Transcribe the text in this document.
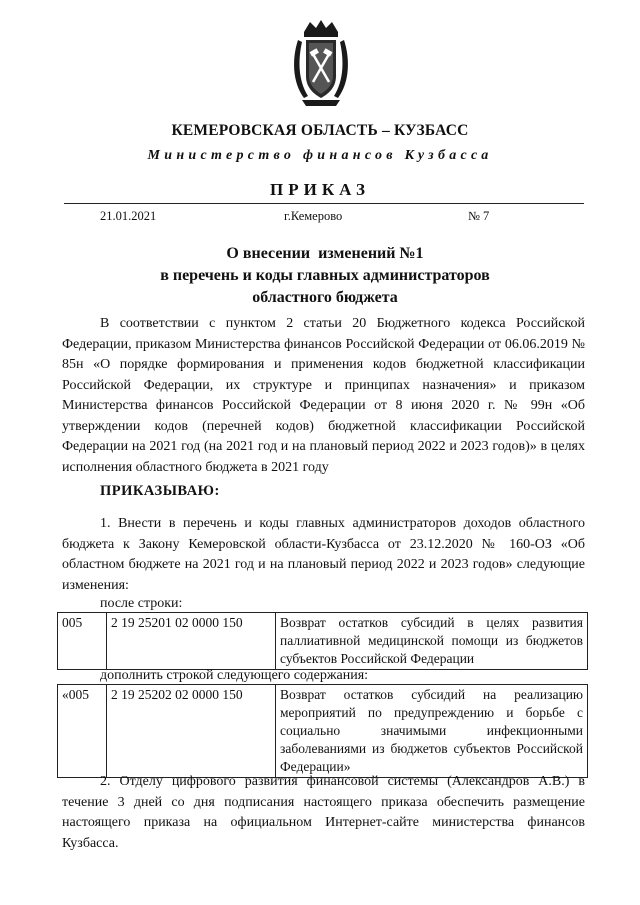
КЕМЕРОВСКАЯ ОБЛАСТЬ – КУЗБАСС
Министерство финансов Кузбасса
ПРИКАЗ
21.01.2021	г.Кемерово	№ 7
О внесении  изменений №1
в перечень и коды главных администраторов
областного бюджета

В соответствии с пунктом 2 статьи 20 Бюджетного кодекса Российской Федерации, приказом Министерства финансов Российской Федерации от 06.06.2019 № 85н «О порядке формирования и применения кодов бюджетной классификации Российской Федерации, их структуре и принципах назначения» и приказом Министерства финансов Российской Федерации от 8 июня 2020 г. № 99н «Об утверждении кодов (перечней кодов) бюджетной классификации Российской Федерации на 2021 год (на 2021 год и на плановый период 2022 и 2023 годов)» в целях исполнения областного бюджета в 2021 году

ПРИКАЗЫВАЮ:

1. Внести в перечень и коды главных администраторов доходов областного бюджета к Закону Кемеровской области-Кузбасса от 23.12.2020 № 160-ОЗ «Об областном бюджете на 2021 год и на плановый период 2022 и 2023 годов» следующие изменения:

после строки:
005	2 19 25201 02 0000 150	Возврат остатков субсидий в целях развития паллиативной медицинской помощи из бюджетов субъектов Российской Федерации
дополнить строкой следующего содержания:
«005	2 19 25202 02 0000 150	Возврат остатков субсидий на реализацию мероприятий по предупреждению и борьбе с социально значимыми инфекционными заболеваниями из бюджетов субъектов Российской Федерации»

2. Отделу цифрового развития финансовой системы (Александров А.В.) в течение 3 дней со дня подписания настоящего приказа обеспечить размещение настоящего приказа на официальном Интернет-сайте министерства финансов Кузбасса.
